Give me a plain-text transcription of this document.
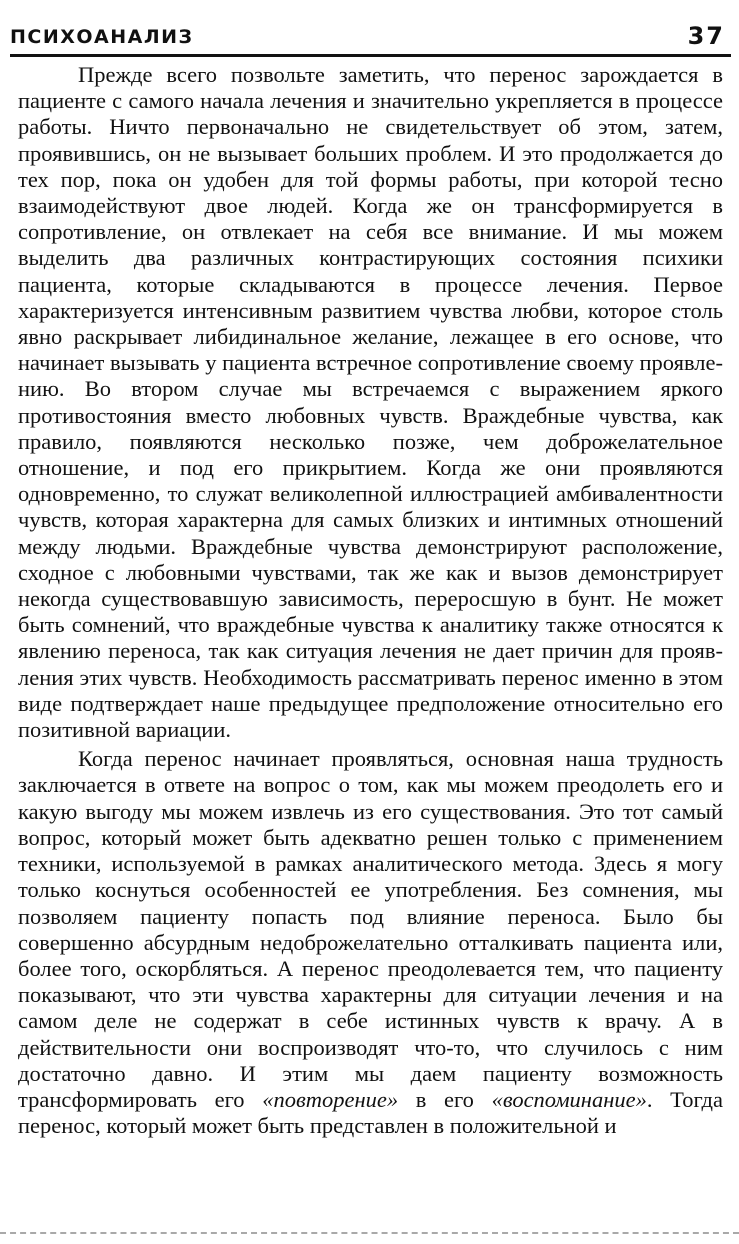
ПСИХОАНАЛИЗ	37

Прежде всего позвольте заметить, что перенос зарождается в пациенте с самого начала лечения и значительно укрепляется в процессе работы. Ничто первоначально не свидетельствует об этом, затем, проявившись, он не вызывает больших проблем. И это продолжается до тех пор, пока он удобен для той формы работы, при которой тесно взаимодействуют двое людей. Когда же он трансформируется в сопротивление, он отвлекает на себя все внимание. И мы можем выделить два различных контрастирующих состояния психики пациента, которые складываются в процессе лечения. Первое характеризуется интенсивным развитием чувства любви, которое столь явно раскрывает либидинальное желание, лежащее в его основе, что начинает вызывать у пациента встречное сопротивление своему проявлению. Во втором случае мы встречаемся с выражением яркого противостояния вместо любовных чувств. Враждебные чувства, как правило, появляются несколько позже, чем доброжелательное отношение, и под его прикрытием. Когда же они проявляются одновременно, то служат великолепной иллюстрацией амбивалентности чувств, которая характерна для самых близких и интимных отношений между людьми. Враждебные чувства демонстрируют расположение, сходное с любовными чувствами, так же как и вызов демонстрирует некогда существовавшую зависимость, переросшую в бунт. Не может быть сомнений, что враждебные чувства к аналитику также относятся к явлению переноса, так как ситуация лечения не дает причин для проявления этих чувств. Необходимость рассматривать перенос именно в этом виде подтверждает наше предыдущее предположение относительно его позитивной вариации.

Когда перенос начинает проявляться, основная наша трудность заключается в ответе на вопрос о том, как мы можем преодолеть его и какую выгоду мы можем извлечь из его существования. Это тот самый вопрос, который может быть адекватно решен только с применением техники, используемой в рамках аналитического метода. Здесь я могу только коснуться особенностей ее употребления. Без сомнения, мы позволяем пациенту попасть под влияние переноса. Было бы совершенно абсурдным недоброжелательно отталкивать пациента или, более того, оскорбляться. А перенос преодолевается тем, что пациенту показывают, что эти чувства характерны для ситуации лечения и на самом деле не содержат в себе истинных чувств к врачу. А в действительности они воспроизводят что-то, что случилось с ним достаточно давно. И этим мы даем пациенту возможность трансформировать его «повторение» в его «воспоминание». Тогда перенос, который может быть представлен в положительной и
